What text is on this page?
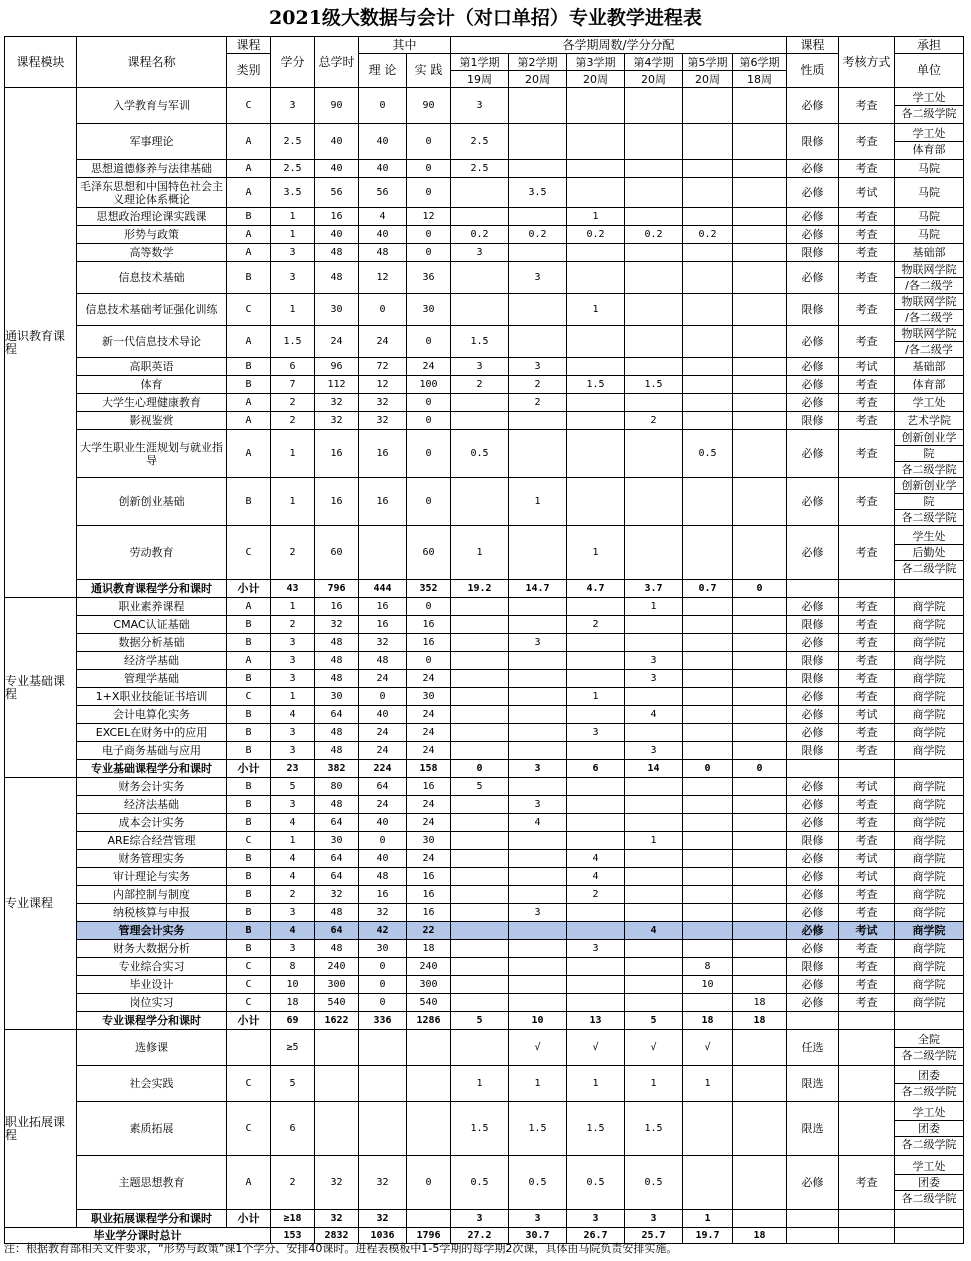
2021级大数据与会计（对口单招）专业教学进程表
课程模块	课程名称	课程	学分	总学时	其中		各学期周数/学分分配						课程	考核方式	承担
		类别			理 论	实 践	第1学期	第2学期	第3学期	第4学期	第5学期	第6学期	性质		单位
							19周	20周	20周	20周	20周	18周			
通识教育课程	入学教育与军训	C	3	90	0	90	3						必修	考查	学工处
各二级学院

	军事理论	A	2.5	40	40	0	2.5						限修	考查	学工处
体育部

	思想道德修养与法律基础	A	2.5	40	40	0	2.5						必修	考查	马院

	毛泽东思想和中国特色社会主义理论体系概论	A	3.5	56	56	0		3.5					必修	考试	马院

	思想政治理论课实践课	B	1	16	4	12			1				必修	考查	马院

	形势与政策	A	1	40	40	0	0.2	0.2	0.2	0.2	0.2		必修	考查	马院

	高等数学	A	3	48	48	0	3						限修	考查	基础部

	信息技术基础	B	3	48	12	36		3					必修	考查	物联网学院
/各二级学

	信息技术基础考证强化训练	C	1	30	0	30			1				限修	考查	物联网学院
/各二级学

	新一代信息技术导论	A	1.5	24	24	0	1.5						必修	考查	物联网学院
/各二级学

	高职英语	B	6	96	72	24	3	3					必修	考试	基础部

	体育	B	7	112	12	100	2	2	1.5	1.5			必修	考查	体育部

	大学生心理健康教育	A	2	32	32	0		2					必修	考查	学工处

	影视鉴赏	A	2	32	32	0				2			限修	考查	艺术学院

	大学生职业生涯规划与就业指导	A	1	16	16	0	0.5				0.5		必修	考查	创新创业学
院
各二级学院

	创新创业基础	B	1	16	16	0		1					必修	考查	创新创业学
院
各二级学院

	劳动教育	C	2	60		60	1		1				必修	考查	学生处
后勤处
各二级学院

	通识教育课程学分和课时	小计	43	796	444	352	19.2	14.7	4.7	3.7	0.7	0			
专业基础课程	职业素养课程	A	1	16	16	0				1			必修	考查	商学院

	CMAC认证基础	B	2	32	16	16			2				限修	考查	商学院

	数据分析基础	B	3	48	32	16		3					必修	考查	商学院

	经济学基础	A	3	48	48	0				3			限修	考查	商学院

	管理学基础	B	3	48	24	24				3			限修	考查	商学院

	1+X职业技能证书培训	C	1	30	0	30			1				必修	考查	商学院

	会计电算化实务	B	4	64	40	24				4			必修	考试	商学院

	EXCEL在财务中的应用	B	3	48	24	24			3				必修	考查	商学院

	电子商务基础与应用	B	3	48	24	24				3			限修	考查	商学院

	专业基础课程学分和课时	小计	23	382	224	158	0	3	6	14	0	0			
专业课程	财务会计实务	B	5	80	64	16	5						必修	考试	商学院

	经济法基础	B	3	48	24	24		3					必修	考查	商学院

	成本会计实务	B	4	64	40	24		4					必修	考查	商学院

	ARE综合经营管理	C	1	30	0	30				1			限修	考查	商学院

	财务管理实务	B	4	64	40	24			4				必修	考试	商学院

	审计理论与实务	B	4	64	48	16			4				必修	考试	商学院

	内部控制与制度	B	2	32	16	16			2				必修	考查	商学院

	纳税核算与申报	B	3	48	32	16		3					必修	考查	商学院

	管理会计实务	B	4	64	42	22				4			必修	考试	商学院

	财务大数据分析	B	3	48	30	18			3				必修	考查	商学院

	专业综合实习	C	8	240	0	240					8		限修	考查	商学院

	毕业设计	C	10	300	0	300					10		必修	考查	商学院

	岗位实习	C	18	540	0	540						18	必修	考查	商学院

	专业课程学分和课时	小计	69	1622	336	1286	5	10	13	5	18	18			
职业拓展课程	选修课		≥5					√	√	√	√		任选		全院
各二级学院

	社会实践	C	5				1	1	1	1	1		限选		团委
各二级学院

	素质拓展	C	6				1.5	1.5	1.5	1.5			限选		学工处
团委
各二级学院

	主题思想教育	A	2	32	32	0	0.5	0.5	0.5	0.5			必修	考查	学工处
团委
各二级学院

	职业拓展课程学分和课时	小计	≥18	32	32		3	3	3	3	1				
毕业学分课时总计			153	2832	1036	1796	27.2	30.7	26.7	25.7	19.7	18			
注：根据教育部相关文件要求，“形势与政策”课1个学分、安排40课时。进程表模板中1-5学期的每学期2次课，具体由马院负责安排实施。
